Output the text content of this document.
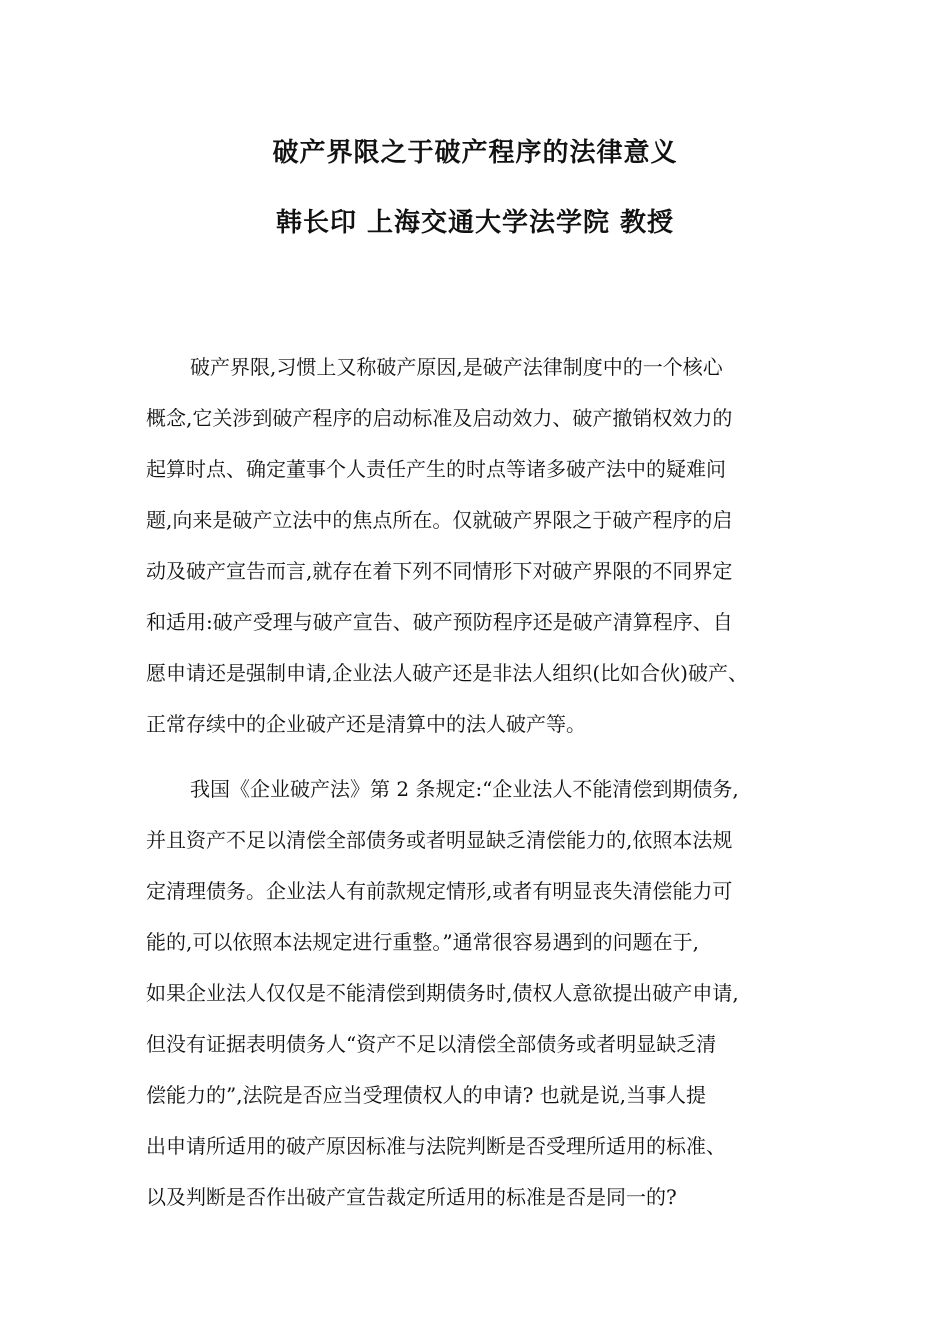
破产界限之于破产程序的法律意义
韩长印 上海交通大学法学院 教授
破产界限,习惯上又称破产原因,是破产法律制度中的一个核心
概念,它关涉到破产程序的启动标准及启动效力、破产撤销权效力的
起算时点、确定董事个人责任产生的时点等诸多破产法中的疑难问
题,向来是破产立法中的焦点所在。仅就破产界限之于破产程序的启
动及破产宣告而言,就存在着下列不同情形下对破产界限的不同界定
和适用:破产受理与破产宣告、破产预防程序还是破产清算程序、自
愿申请还是强制申请,企业法人破产还是非法人组织(比如合伙)破产、
正常存续中的企业破产还是清算中的法人破产等。
我国《企业破产法》第 2 条规定:“企业法人不能清偿到期债务,
并且资产不足以清偿全部债务或者明显缺乏清偿能力的,依照本法规
定清理债务。企业法人有前款规定情形,或者有明显丧失清偿能力可
能的,可以依照本法规定进行重整。”通常很容易遇到的问题在于,
如果企业法人仅仅是不能清偿到期债务时,债权人意欲提出破产申请,
但没有证据表明债务人“资产不足以清偿全部债务或者明显缺乏清
偿能力的”,法院是否应当受理债权人的申请? 也就是说,当事人提
出申请所适用的破产原因标准与法院判断是否受理所适用的标准、
以及判断是否作出破产宣告裁定所适用的标准是否是同一的?
